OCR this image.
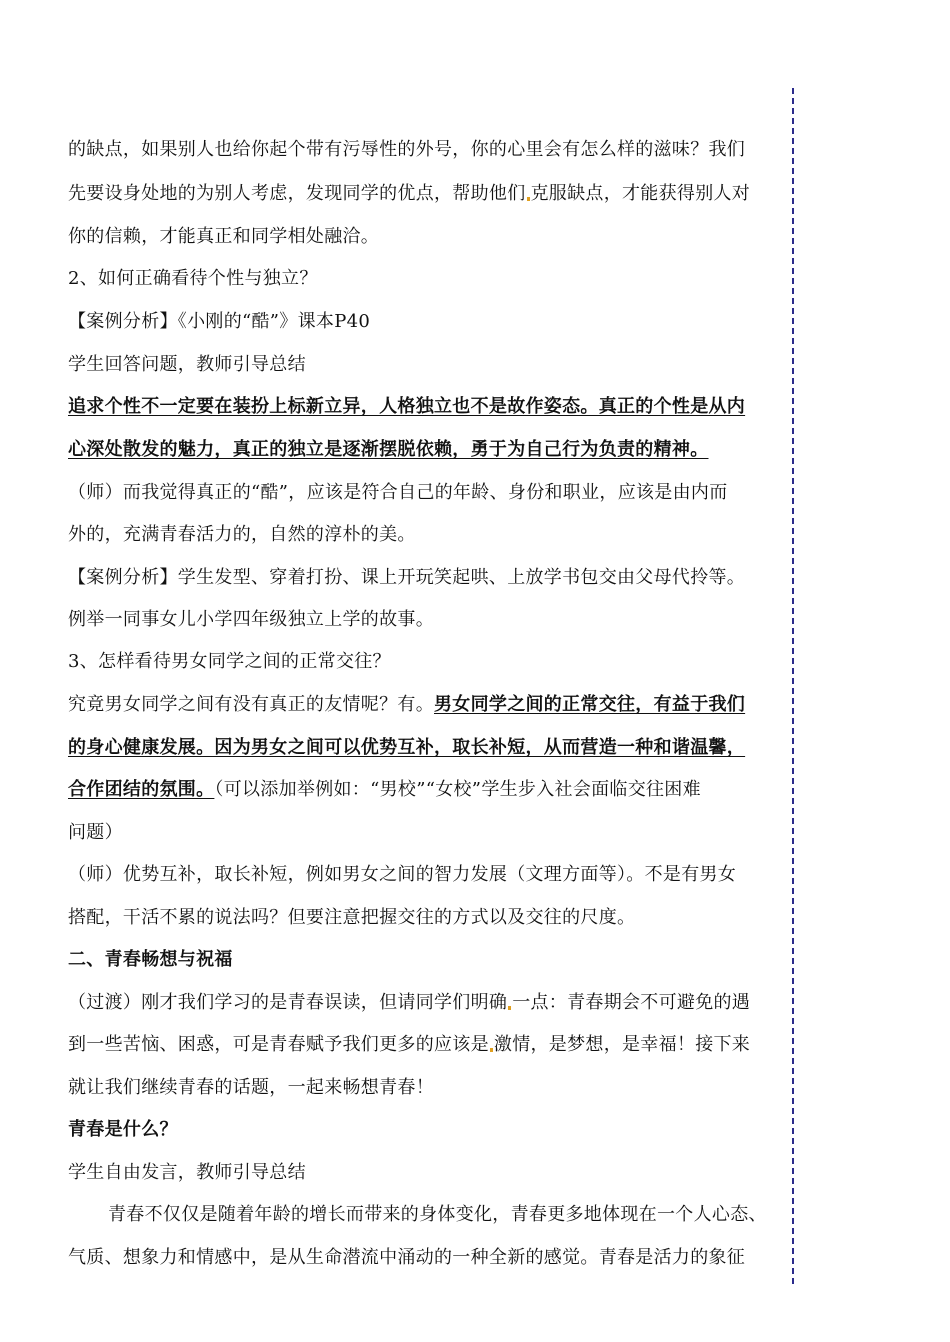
的缺点，如果别人也给你起个带有污辱性的外号，你的心里会有怎么样的滋味？我们
先要设身处地的为别人考虑，发现同学的优点，帮助他们 克服缺点，才能获得别人对
你的信赖，才能真正和同学相处融洽。
2、如何正确看待个性与独立？
【案例分析】《小刚的“酷”》课本P40
学生回答问题，教师引导总结
追求个性不一定要在装扮上标新立异，人格独立也不是故作姿态。真正的个性是从内
心深处散发的魅力，真正的独立是逐渐摆脱依赖，勇于为自己行为负责的精神。
（师）而我觉得真正的“酷”，应该是符合自己的年龄、身份和职业，应该是由内而
外的，充满青春活力的，自然的淳朴的美。
【案例分析】学生发型、穿着打扮、课上开玩笑起哄、上放学书包交由父母代拎等。
例举一同事女儿小学四年级独立上学的故事。
3、怎样看待男女同学之间的正常交往？
究竟男女同学之间有没有真正的友情呢？有。男女同学之间的正常交往，有益于我们
的身心健康发展。因为男女之间可以优势互补，取长补短，从而营造一种和谐温馨，
合作团结的氛围。（可以添加举例如：“男校”“女校”学生步入社会面临交往困难
问题）
（师）优势互补，取长补短，例如男女之间的智力发展（文理方面等）。不是有男女
搭配，干活不累的说法吗？但要注意把握交往的方式以及交往的尺度。
二、青春畅想与祝福
（过渡）刚才我们学习的是青春误读，但请同学们明确 一点：青春期会不可避免的遇
到一些苦恼、困惑，可是青春赋予我们更多的应该是 激情，是梦想，是幸福！接下来
就让我们继续青春的话题，一起来畅想青春！
青春是什么？
学生自由发言，教师引导总结
青春不仅仅是随着年龄的增长而带来的身体变化，青春更多地体现在一个人心态、
气质、想象力和情感中，是从生命潜流中涌动的一种全新的感觉。青春是活力的象征
